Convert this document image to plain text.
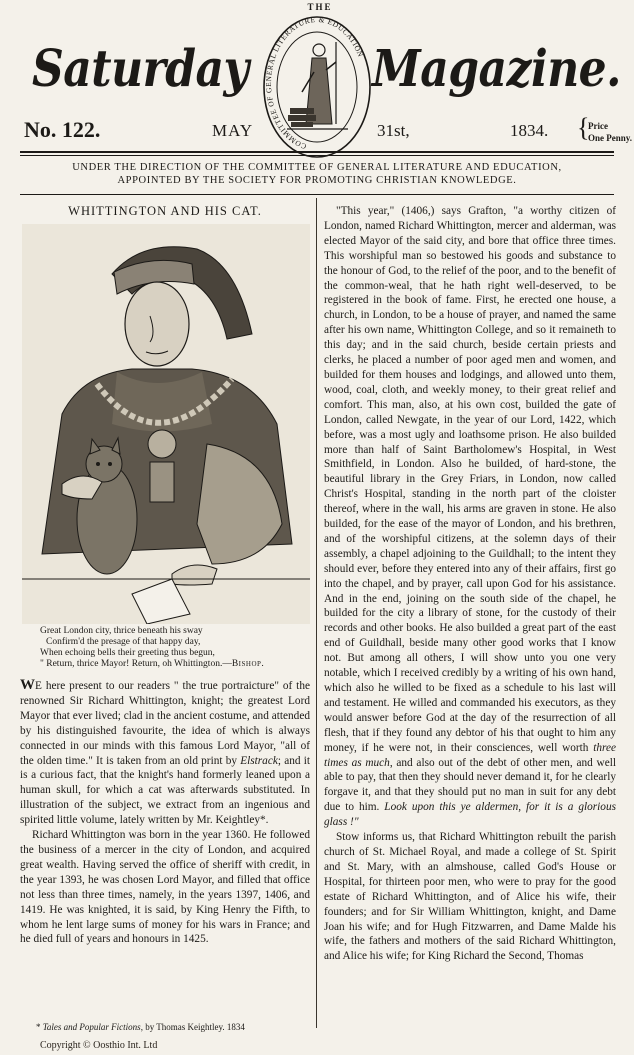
THE
Saturday
COMMITTEE OF GENERAL LITERATURE & EDUCATION Magazine.
No. 122.	MAY	31st,	1834. {
Price
One Penny.
UNDER THE DIRECTION OF THE COMMITTEE OF GENERAL LITERATURE AND EDUCATION,
APPOINTED BY THE SOCIETY FOR PROMOTING CHRISTIAN KNOWLEDGE.
WHITTINGTON AND HIS CAT.
Great London city, thrice beneath his sway
Confirm'd the presage of that happy day,
When echoing bells their greeting thus begun,
" Return, thrice Mayor! Return, oh Whittington.—Bishop.

WE here present to our readers " the true portraicture" of the renowned Sir Richard Whittington, knight; the greatest Lord Mayor that ever lived; clad in the ancient costume, and attended by his distinguished favourite, the idea of which is always connected in our minds with this famous Lord Mayor, "all of the olden time." It is taken from an old print by Elstrack; and it is a curious fact, that the knight's hand formerly leaned upon a human skull, for which a cat was afterwards substituted. In illustration of the subject, we extract from an ingenious and spirited little volume, lately written by Mr. Keightley*.

Richard Whittington was born in the year 1360. He followed the business of a mercer in the city of London, and acquired great wealth. Having served the office of sheriff with credit, in the year 1393, he was chosen Lord Mayor, and filled that office not less than three times, namely, in the years 1397, 1406, and 1419. He was knighted, it is said, by King Henry the Fifth, to whom he lent large sums of money for his wars in France; and he died full of years and honours in 1425.

* Tales and Popular Fictions, by Thomas Keightley. 1834

"This year," (1406,) says Grafton, "a worthy citizen of London, named Richard Whittington, mercer and alderman, was elected Mayor of the said city, and bore that office three times. This worshipful man so bestowed his goods and substance to the honour of God, to the relief of the poor, and to the benefit of the common-weal, that he hath right well-deserved, to be registered in the book of fame. First, he erected one house, a church, in London, to be a house of prayer, and named the same after his own name, Whittington College, and so it remaineth to this day; and in the said church, beside certain priests and clerks, he placed a number of poor aged men and women, and builded for them houses and lodgings, and allowed unto them, wood, coal, cloth, and weekly money, to their great relief and comfort. This man, also, at his own cost, builded the gate of London, called Newgate, in the year of our Lord, 1422, which before, was a most ugly and loathsome prison. He also builded more than half of Saint Bartholomew's Hospital, in West Smithfield, in London. Also he builded, of hard-stone, the beautiful library in the Grey Friars, in London, now called Christ's Hospital, standing in the north part of the cloister thereof, where in the wall, his arms are graven in stone. He also builded, for the ease of the mayor of London, and his brethren, and of the worshipful citizens, at the solemn days of their assembly, a chapel adjoining to the Guildhall; to the intent they should ever, before they entered into any of their affairs, first go into the chapel, and by prayer, call upon God for his assistance. And in the end, joining on the south side of the chapel, he builded for the city a library of stone, for the custody of their records and other books. He also builded a great part of the east end of Guildhall, beside many other good works that I know not. But among all others, I will show unto you one very notable, which I received credibly by a writing of his own hand, which also he willed to be fixed as a schedule to his last will and testament. He willed and commanded his executors, as they would answer before God at the day of the resurrection of all flesh, that if they found any debtor of his that ought to him any money, if he were not, in their consciences, well worth three times as much, and also out of the debt of other men, and well able to pay, that then they should never demand it, for he clearly forgave it, and that they should put no man in suit for any debt due to him. Look upon this ye aldermen, for it is a glorious glass !"

Stow informs us, that Richard Whittington rebuilt the parish church of St. Michael Royal, and made a college of St. Spirit and St. Mary, with an almshouse, called God's House or Hospital, for thirteen poor men, who were to pray for the good estate of Richard Whittington, and of Alice his wife, their founders; and for Sir William Whittington, knight, and Dame Joan his wife; and for Hugh Fitzwarren, and Dame Malde his wife, the fathers and mothers of the said Richard Whittington, and Alice his wife; for King Richard the Second, Thomas

Copyright © Oosthio Int. Ltd
